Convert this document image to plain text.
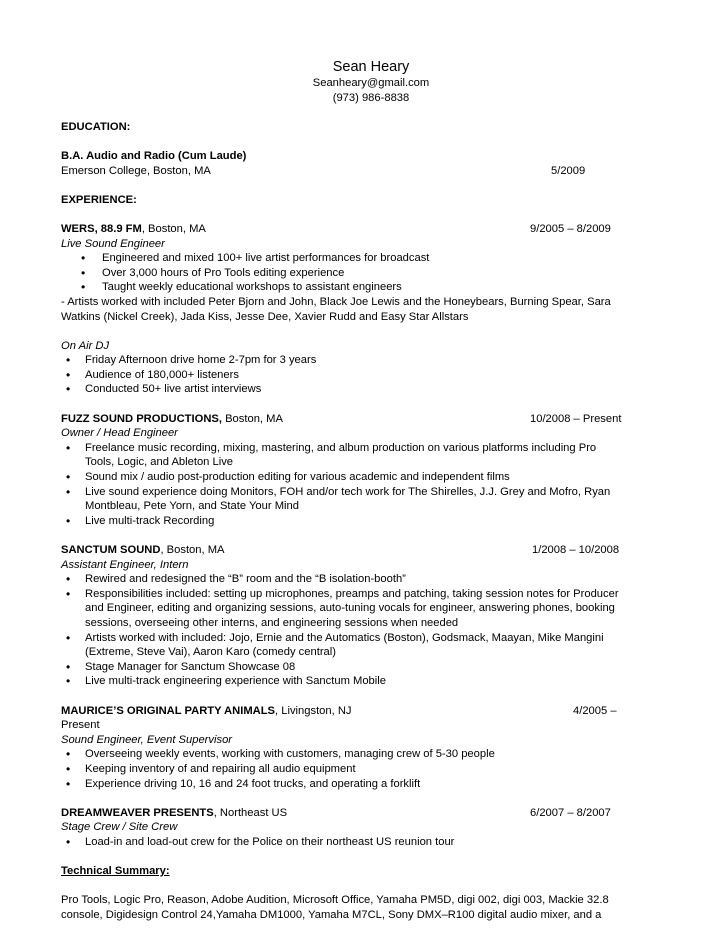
Sean Heary
Seanheary@gmail.com
(973) 986-8838
EDUCATION:
B.A. Audio and Radio (Cum Laude)
Emerson College, Boston, MA	5/2009
EXPERIENCE:
WERS, 88.9 FM, Boston, MA	9/2005 – 8/2009
Live Sound Engineer
• Engineered and mixed 100+ live artist performances for broadcast
• Over 3,000 hours of Pro Tools editing experience
• Taught weekly educational workshops to assistant engineers
- Artists worked with included Peter Bjorn and John, Black Joe Lewis and the Honeybears, Burning Spear, Sara
Watkins (Nickel Creek), Jada Kiss, Jesse Dee, Xavier Rudd and Easy Star Allstars
On Air DJ
• Friday Afternoon drive home 2-7pm for 3 years
• Audience of 180,000+ listeners
• Conducted 50+ live artist interviews
FUZZ SOUND PRODUCTIONS, Boston, MA	10/2008 – Present
Owner / Head Engineer
• Freelance music recording, mixing, mastering, and album production on various platforms including Pro
Tools, Logic, and Ableton Live
• Sound mix / audio post-production editing for various academic and independent films
• Live sound experience doing Monitors, FOH and/or tech work for The Shirelles, J.J. Grey and Mofro, Ryan
Montbleau, Pete Yorn, and State Your Mind
• Live multi-track Recording
SANCTUM SOUND, Boston, MA	1/2008 – 10/2008
Assistant Engineer, Intern
• Rewired and redesigned the “B” room and the “B isolation-booth”
• Responsibilities included: setting up microphones, preamps and patching, taking session notes for Producer
and Engineer, editing and organizing sessions, auto-tuning vocals for engineer, answering phones, booking
sessions, overseeing other interns, and engineering sessions when needed
• Artists worked with included: Jojo, Ernie and the Automatics (Boston), Godsmack, Maayan, Mike Mangini
(Extreme, Steve Vai), Aaron Karo (comedy central)
• Stage Manager for Sanctum Showcase 08
• Live multi-track engineering experience with Sanctum Mobile
MAURICE’S ORIGINAL PARTY ANIMALS, Livingston, NJ	4/2005 –
Present
Sound Engineer, Event Supervisor
• Overseeing weekly events, working with customers, managing crew of 5-30 people
• Keeping inventory of and repairing all audio equipment
• Experience driving 10, 16 and 24 foot trucks, and operating a forklift
DREAMWEAVER PRESENTS, Northeast US	6/2007 – 8/2007
Stage Crew / Site Crew
• Load-in and load-out crew for the Police on their northeast US reunion tour
Technical Summary:
Pro Tools, Logic Pro, Reason, Adobe Audition, Microsoft Office, Yamaha PM5D, digi 002, digi 003, Mackie 32.8
console, Digidesign Control 24,Yamaha DM1000, Yamaha M7CL, Sony DMX–R100 digital audio mixer, and a
